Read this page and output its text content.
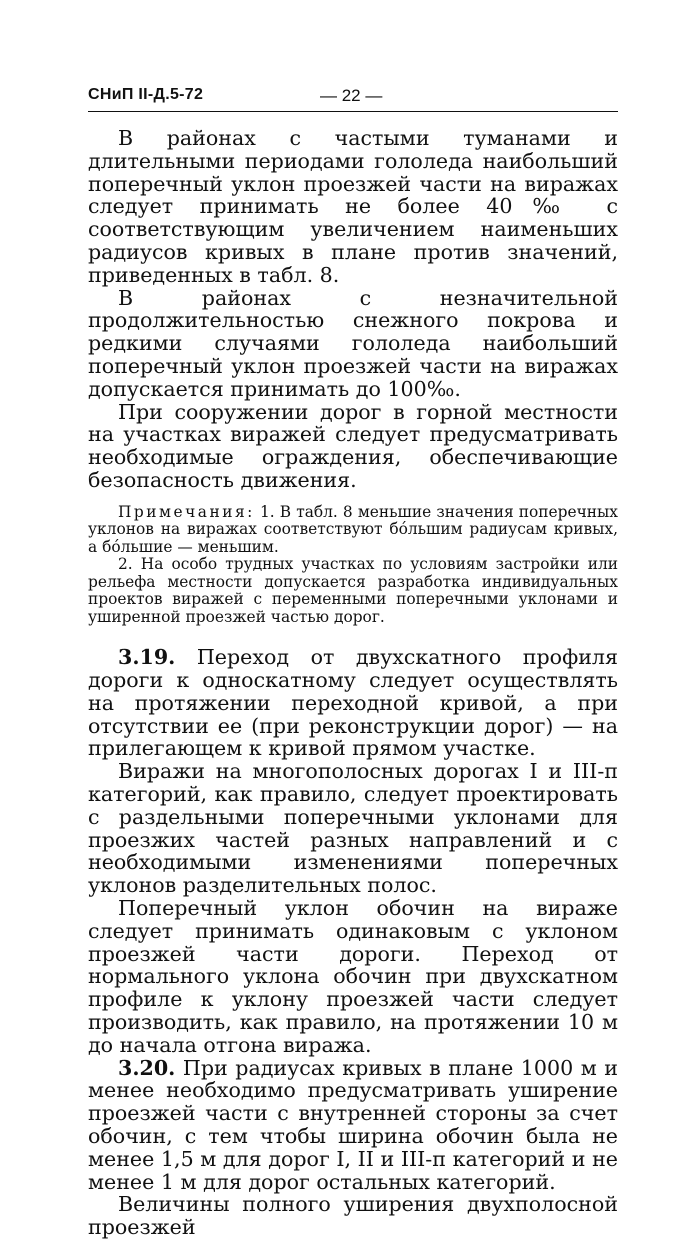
СНиП II-Д.5-72	— 22 —

В районах с частыми туманами и длительными периодами гололеда наибольший поперечный уклон проезжей части на виражах следует принимать не более 40‰ с соответствующим увеличением наименьших радиусов кривых в плане против значений, приведенных в табл. 8.

В районах с незначительной продолжительностью снежного покрова и редкими случаями гололеда наибольший поперечный уклон проезжей части на виражах допускается принимать до 100‰.

При сооружении дорог в горной местности на участках виражей следует предусматривать необходимые ограждения, обеспечивающие безопасность движения.

Примечания: 1. В табл. 8 меньшие значения поперечных уклонов на виражах соответствуют бóльшим радиусам кривых, а бóльшие — меньшим.

2. На особо трудных участках по условиям застройки или рельефа местности допускается разработка индивидуальных проектов виражей с переменными поперечными уклонами и уширенной проезжей частью дорог.

3.19. Переход от двухскатного профиля дороги к односкатному следует осуществлять на протяжении переходной кривой, а при отсутствии ее (при реконструкции дорог) — на прилегающем к кривой прямом участке.

Виражи на многополосных дорогах I и III-п категорий, как правило, следует проектировать с раздельными поперечными уклонами для проезжих частей разных направлений и с необходимыми изменениями поперечных уклонов разделительных полос.

Поперечный уклон обочин на вираже следует принимать одинаковым с уклоном проезжей части дороги. Переход от нормального уклона обочин при двухскатном профиле к уклону проезжей части следует производить, как правило, на протяжении 10 м до начала отгона виража.

3.20. При радиусах кривых в плане 1000 м и менее необходимо предусматривать уширение проезжей части с внутренней стороны за счет обочин, с тем чтобы ширина обочин была не менее 1,5 м для дорог I, II и III-п категорий и не менее 1 м для дорог остальных категорий.

Величины полного уширения двухполосной проезжей
